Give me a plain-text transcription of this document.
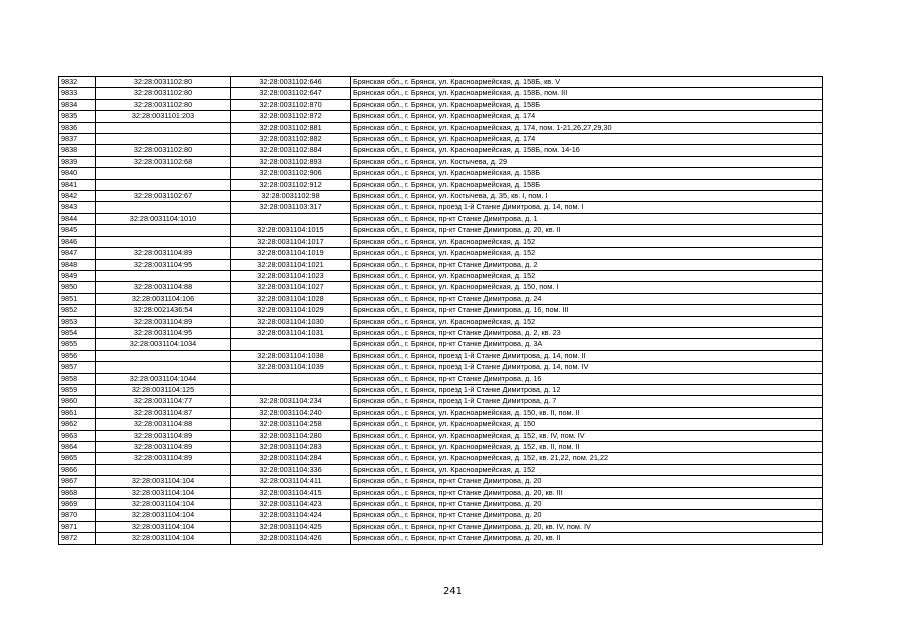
9832	32:28:0031102:80	32:28:0031102:646	Брянская обл., г. Брянск, ул. Красноармейская, д. 158Б, кв. V
9833	32:28:0031102:80	32:28:0031102:647	Брянская обл., г. Брянск, ул. Красноармейская, д. 158Б, пом. III
9834	32:28:0031102:80	32:28:0031102:870	Брянская обл., г. Брянск, ул. Красноармейская, д. 158Б
9835	32:28:0031101:203	32:28:0031102:872	Брянская обл., г. Брянск, ул. Красноармейская, д. 174
9836		32:28:0031102:881	Брянская обл., г. Брянск, ул. Красноармейская, д. 174, пом. 1-21,26,27,29,30
9837		32:28:0031102:882	Брянская обл., г. Брянск, ул. Красноармейская, д. 174
9838	32:28:0031102:80	32:28:0031102:884	Брянская обл., г. Брянск, ул. Красноармейская, д. 158Б, пом. 14-16
9839	32:28:0031102:68	32:28:0031102:893	Брянская обл., г. Брянск, ул. Костычева, д. 29
9840		32:28:0031102:906	Брянская обл., г. Брянск, ул. Красноармейская, д. 158Б
9841		32:28:0031102:912	Брянская обл., г. Брянск, ул. Красноармейская, д. 158Б
9842	32:28:0031102:67	32:28:0031102:98	Брянская обл., г. Брянск, ул. Костычева, д. 35, кв. I, пом. I
9843		32:28:0031103:317	Брянская обл., г. Брянск, проезд 1-й Станке Димитрова, д. 14, пом. I
9844	32:28:0031104:1010		Брянская обл., г. Брянск, пр-кт Станке Димитрова, д. 1
9845		32:28:0031104:1015	Брянская обл., г. Брянск, пр-кт Станке Димитрова, д. 20, кв. II
9846		32:28:0031104:1017	Брянская обл., г. Брянск, ул. Красноармейская, д. 152
9847	32:28:0031104:89	32:28:0031104:1019	Брянская обл., г. Брянск, ул. Красноармейская, д. 152
9848	32:28:0031104:95	32:28:0031104:1021	Брянская обл., г. Брянск, пр-кт Станке Димитрова, д. 2
9849		32:28:0031104:1023	Брянская обл., г. Брянск, ул. Красноармейская, д. 152
9850	32:28:0031104:88	32:28:0031104:1027	Брянская обл., г. Брянск, ул. Красноармейская, д. 150, пом. I
9851	32:28:0031104:106	32:28:0031104:1028	Брянская обл., г. Брянск, пр-кт Станке Димитрова, д. 24
9852	32:28:0021436:54	32:28:0031104:1029	Брянская обл., г. Брянск, пр-кт Станке Димитрова, д. 16, пом. III
9853	32:28:0031104:89	32:28:0031104:1030	Брянская обл., г. Брянск, ул. Красноармейская, д. 152
9854	32:28:0031104:95	32:28:0031104:1031	Брянская обл., г. Брянск, пр-кт Станке Димитрова, д. 2, кв. 23
9855	32:28:0031104:1034		Брянская обл., г. Брянск, пр-кт Станке Димитрова, д. 3А
9856		32:28:0031104:1038	Брянская обл., г. Брянск, проезд 1-й Станке Димитрова, д. 14, пом. II
9857		32:28:0031104:1039	Брянская обл., г. Брянск, проезд 1-й Станке Димитрова, д. 14, пом. IV
9858	32:28:0031104:1044		Брянская обл., г. Брянск, пр-кт Станке Димитрова, д. 16
9859	32:28:0031104:125		Брянская обл., г. Брянск, проезд 1-й Станке Димитрова, д. 12
9860	32:28:0031104:77	32:28:0031104:234	Брянская обл., г. Брянск, проезд 1-й Станке Димитрова, д. 7
9861	32:28:0031104:87	32:28:0031104:240	Брянская обл., г. Брянск, ул. Красноармейская, д. 150, кв. II, пом. II
9862	32:28:0031104:88	32:28:0031104:258	Брянская обл., г. Брянск, ул. Красноармейская, д. 150
9863	32:28:0031104:89	32:28:0031104:280	Брянская обл., г. Брянск, ул. Красноармейская, д. 152, кв. IV, пом. IV
9864	32:28:0031104:89	32:28:0031104:283	Брянская обл., г. Брянск, ул. Красноармейская, д. 152, кв. II, пом. II
9865	32:28:0031104:89	32:28:0031104:284	Брянская обл., г. Брянск, ул. Красноармейская, д. 152, кв. 21,22, пом. 21,22
9866		32:28:0031104:336	Брянская обл., г. Брянск, ул. Красноармейская, д. 152
9867	32:28:0031104:104	32:28:0031104:411	Брянская обл., г. Брянск, пр-кт Станке Димитрова, д. 20
9868	32:28:0031104:104	32:28:0031104:415	Брянская обл., г. Брянск, пр-кт Станке Димитрова, д. 20, кв. III
9869	32:28:0031104:104	32:28:0031104:423	Брянская обл., г. Брянск, пр-кт Станке Димитрова, д. 20
9870	32:28:0031104:104	32:28:0031104:424	Брянская обл., г. Брянск, пр-кт Станке Димитрова, д. 20
9871	32:28:0031104:104	32:28:0031104:425	Брянская обл., г. Брянск, пр-кт Станке Димитрова, д. 20, кв. IV, пом. IV
9872	32:28:0031104:104	32:28:0031104:426	Брянская обл., г. Брянск, пр-кт Станке Димитрова, д. 20, кв. II
241
